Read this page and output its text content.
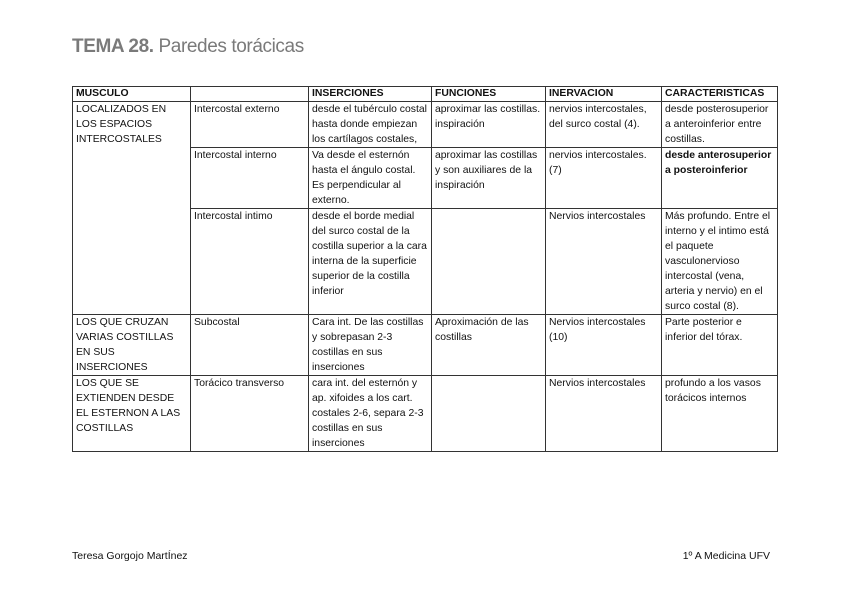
TEMA 28. Paredes torácicas
MUSCULO		INSERCIONES	FUNCIONES	INERVACION	CARACTERISTICAS
LOCALIZADOS EN LOS ESPACIOS INTERCOSTALES	Intercostal externo	desde el tubérculo costal hasta donde empiezan los cartílagos costales,	aproximar las costillas. inspiración	nervios intercostales, del surco costal (4).	desde posterosuperior a anteroinferior entre costillas.
	Intercostal interno	Va desde el esternón hasta el ángulo costal. Es perpendicular al externo.	aproximar las costillas y son auxiliares de la inspiración	nervios intercostales. (7)	desde anterosuperior a posteroinferior
	Intercostal intimo	desde el borde medial del surco costal de la costilla superior a la cara interna de la superficie superior de la costilla inferior		Nervios intercostales	Más profundo. Entre el interno y el intimo está el paquete vasculonervioso intercostal (vena, arteria y nervio) en el surco costal (8).
LOS QUE CRUZAN VARIAS COSTILLAS EN SUS INSERCIONES	Subcostal	Cara int. De las costillas y sobrepasan 2-3 costillas en sus inserciones	Aproximación de las costillas	Nervios intercostales (10)	Parte posterior e inferior del tórax.
LOS QUE SE EXTIENDEN DESDE EL ESTERNON A LAS COSTILLAS	Torácico transverso	cara int. del esternón y ap. xifoides a los cart. costales 2-6, separa 2-3 costillas en sus inserciones		Nervios intercostales	profundo a los vasos torácicos internos
Teresa Gorgojo MartÍnez	1º A Medicina UFV
